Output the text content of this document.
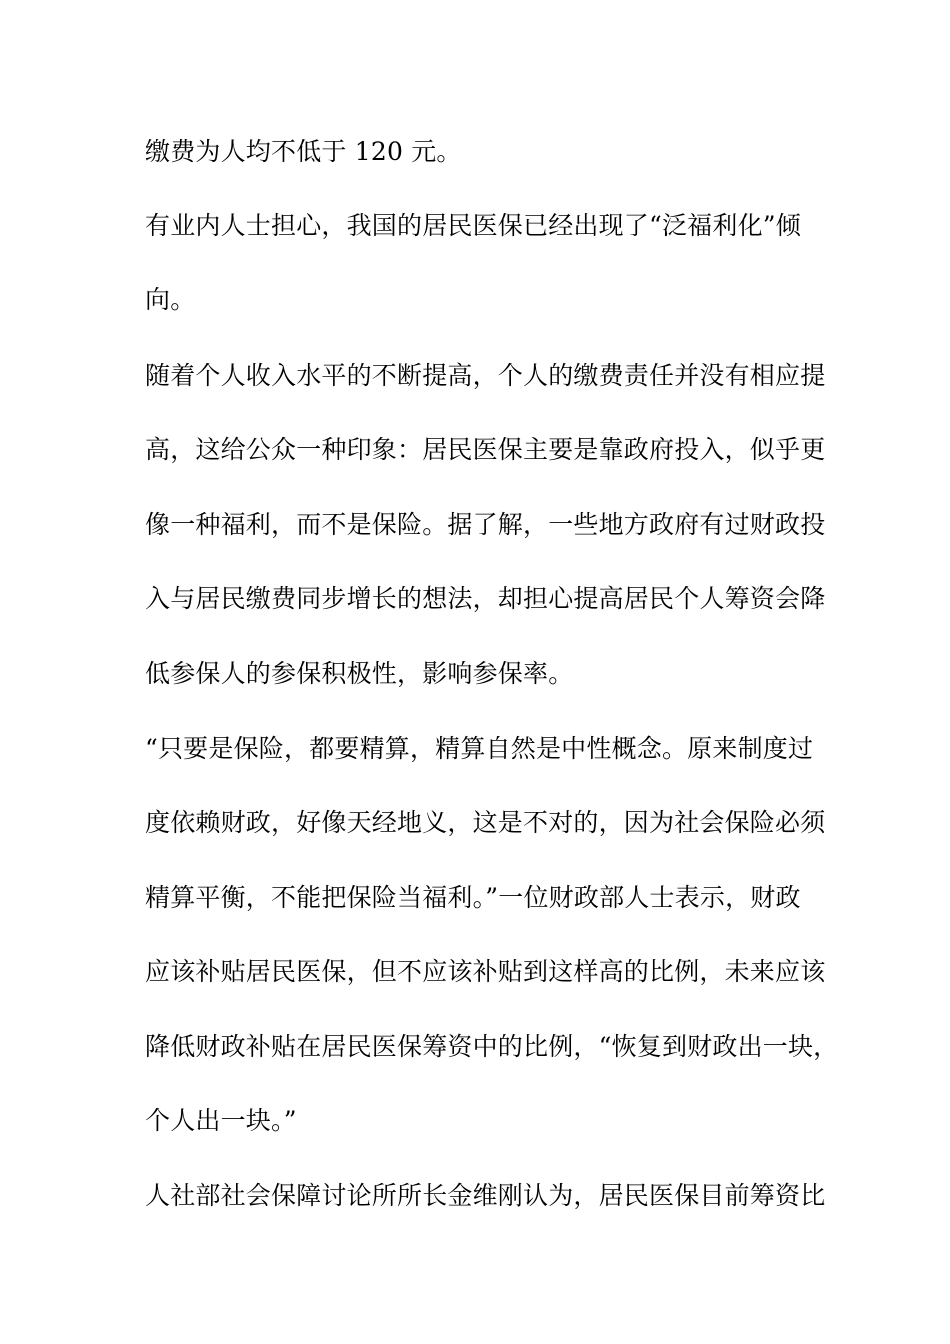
缴费为人均不低于 120 元。
有业内人士担心，我国的居民医保已经出现了“泛福利化”倾
向。
随着个人收入水平的不断提高，个人的缴费责任并没有相应提
高，这给公众一种印象：居民医保主要是靠政府投入，似乎更
像一种福利，而不是保险。据了解，一些地方政府有过财政投
入与居民缴费同步增长的想法，却担心提高居民个人筹资会降
低参保人的参保积极性，影响参保率。
“只要是保险，都要精算，精算自然是中性概念。原来制度过
度依赖财政，好像天经地义，这是不对的，因为社会保险必须
精算平衡，不能把保险当福利。”一位财政部人士表示，财政
应该补贴居民医保，但不应该补贴到这样高的比例，未来应该
降低财政补贴在居民医保筹资中的比例，“恢复到财政出一块，
个人出一块。”
人社部社会保障讨论所所长金维刚认为，居民医保目前筹资比
